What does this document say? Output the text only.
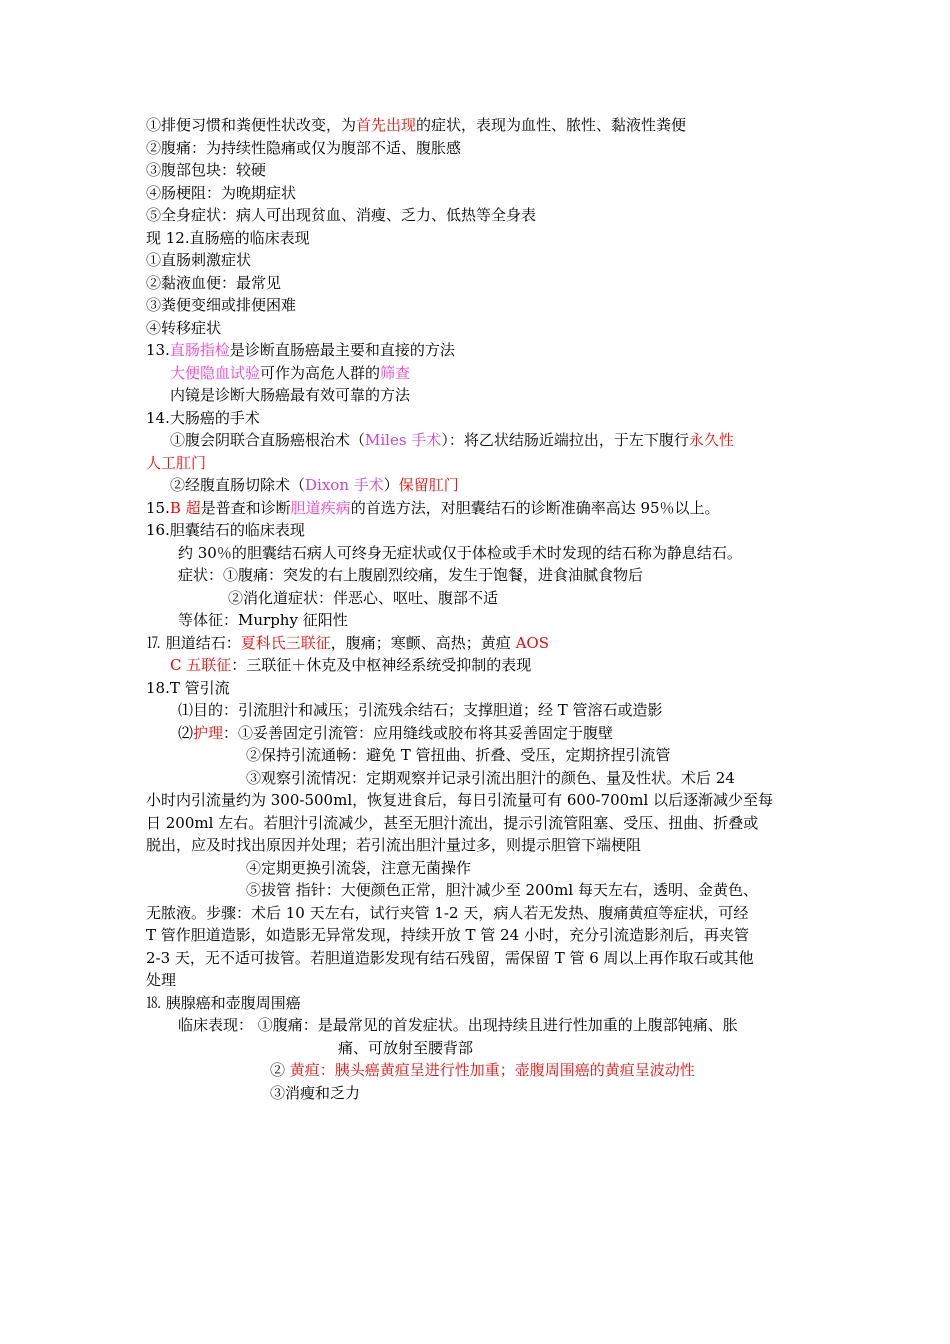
①排便习惯和粪便性状改变，为首先出现的症状，表现为血性、脓性、黏液性粪便
②腹痛：为持续性隐痛或仅为腹部不适、腹胀感
③腹部包块：较硬
④肠梗阻：为晚期症状
⑤全身症状：病人可出现贫血、消瘦、乏力、低热等全身表
现 12.直肠癌的临床表现
①直肠刺激症状
②黏液血便：最常见
③粪便变细或排便困难
④转移症状
13.直肠指检是诊断直肠癌最主要和直接的方法
大便隐血试验可作为高危人群的筛查
内镜是诊断大肠癌最有效可靠的方法
14.大肠癌的手术
①腹会阴联合直肠癌根治术（Miles 手术）：将乙状结肠近端拉出，于左下腹行永久性
人工肛门
②经腹直肠切除术（Dixon 手术）保留肛门
15.B 超是普查和诊断胆道疾病的首选方法，对胆囊结石的诊断准确率高达 95％以上。
16.胆囊结石的临床表现
约 30％的胆囊结石病人可终身无症状或仅于体检或手术时发现的结石称为静息结石。
症状：①腹痛：突发的右上腹剧烈绞痛，发生于饱餐，进食油腻食物后
②消化道症状：伴恶心、呕吐、腹部不适
等体征：Murphy 征阳性
⒘ 胆道结石：夏科氏三联征，腹痛；寒颤、高热；黄疸 AOS
C 五联征：三联征＋休克及中枢神经系统受抑制的表现
18.T 管引流
⑴目的：引流胆汁和减压；引流残余结石；支撑胆道；经 T 管溶石或造影
⑵护理：①妥善固定引流管：应用缝线或胶布将其妥善固定于腹壁
②保持引流通畅：避免 T 管扭曲、折叠、受压，定期挤捏引流管
③观察引流情况：定期观察并记录引流出胆汁的颜色、量及性状。术后 24
小时内引流量约为 300-500ml，恢复进食后，每日引流量可有 600-700ml 以后逐渐减少至每
日 200ml 左右。若胆汁引流减少，甚至无胆汁流出，提示引流管阻塞、受压、扭曲、折叠或
脱出，应及时找出原因并处理；若引流出胆汁量过多，则提示胆管下端梗阻
④定期更换引流袋，注意无菌操作
⑤拔管 指针：大便颜色正常，胆汁减少至 200ml 每天左右，透明、金黄色、
无脓液。步骤：术后 10 天左右，试行夹管 1-2 天，病人若无发热、腹痛黄疸等症状，可经
T 管作胆道造影，如造影无异常发现，持续开放 T 管 24 小时，充分引流造影剂后，再夹管
2-3 天，无不适可拔管。若胆道造影发现有结石残留，需保留 T 管 6 周以上再作取石或其他
处理
⒙ 胰腺癌和壶腹周围癌
临床表现： ①腹痛：是最常见的首发症状。出现持续且进行性加重的上腹部钝痛、胀
痛、可放射至腰背部
② 黄疸：胰头癌黄疸呈进行性加重；壶腹周围癌的黄疸呈波动性
③消瘦和乏力
